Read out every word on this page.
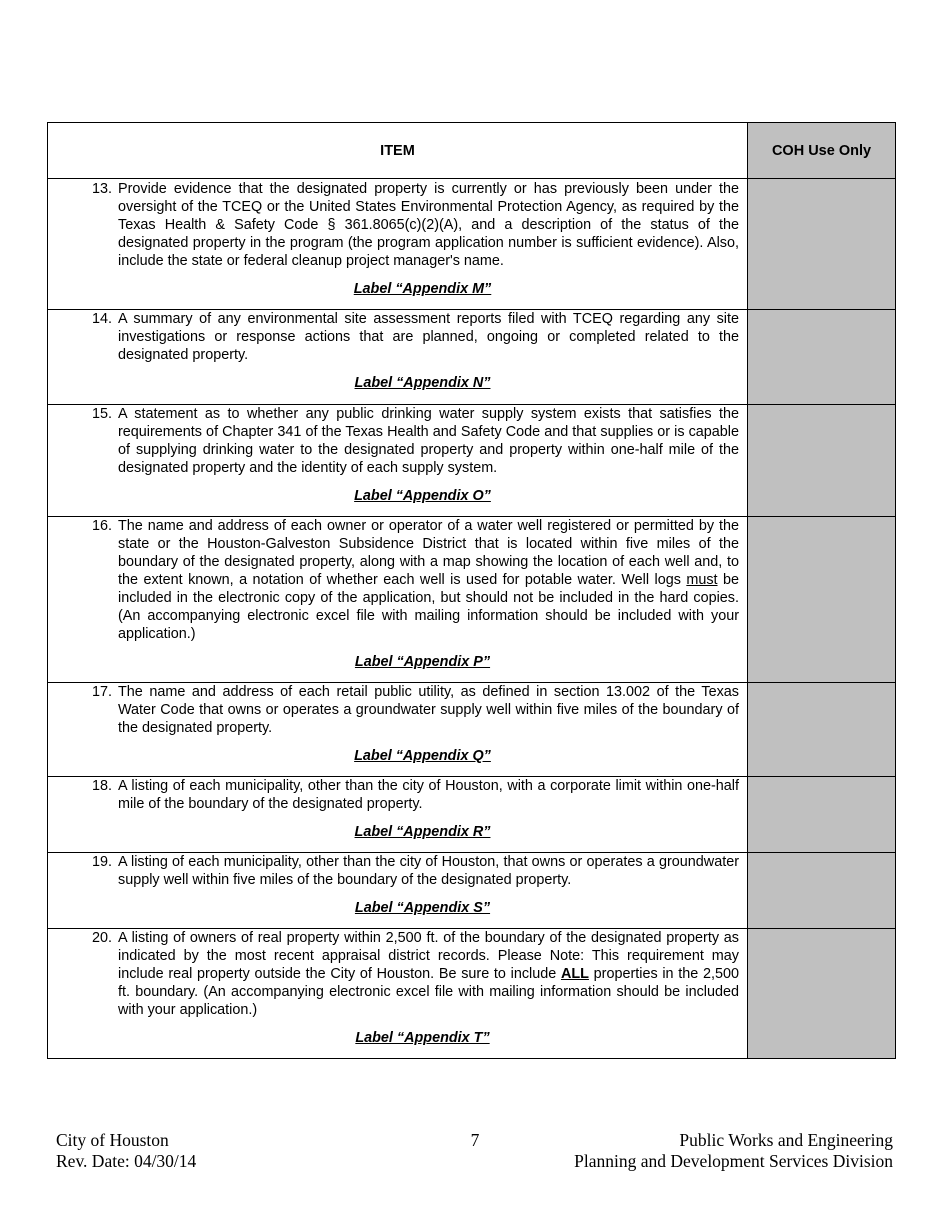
ITEM	COH Use Only

13. Provide evidence that the designated property is currently or has previously been under the oversight of the TCEQ or the United States Environmental Protection Agency, as required by the Texas Health & Safety Code § 361.8065(c)(2)(A), and a description of the status of the designated property in the program (the program application number is sufficient evidence). Also, include the state or federal cleanup project manager's name.
Label “Appendix M”	

14. A summary of any environmental site assessment reports filed with TCEQ regarding any site investigations or response actions that are planned, ongoing or completed related to the designated property.
Label “Appendix N”	

15. A statement as to whether any public drinking water supply system exists that satisfies the requirements of Chapter 341 of the Texas Health and Safety Code and that supplies or is capable of supplying drinking water to the designated property and property within one-half mile of the designated property and the identity of each supply system.
Label “Appendix O”	

16. The name and address of each owner or operator of a water well registered or permitted by the state or the Houston-Galveston Subsidence District that is located within five miles of the boundary of the designated property, along with a map showing the location of each well and, to the extent known, a notation of whether each well is used for potable water. Well logs must be included in the electronic copy of the application, but should not be included in the hard copies. (An accompanying electronic excel file with mailing information should be included with your application.)
Label “Appendix P”	

17. The name and address of each retail public utility, as defined in section 13.002 of the Texas Water Code that owns or operates a groundwater supply well within five miles of the boundary of the designated property.
Label “Appendix Q”	

18. A listing of each municipality, other than the city of Houston, with a corporate limit within one-half mile of the boundary of the designated property.
Label “Appendix R”	

19. A listing of each municipality, other than the city of Houston, that owns or operates a groundwater supply well within five miles of the boundary of the designated property.
Label “Appendix S”	

20. A listing of owners of real property within 2,500 ft. of the boundary of the designated property as indicated by the most recent appraisal district records. Please Note: This requirement may include real property outside the City of Houston. Be sure to include ALL properties in the 2,500 ft. boundary. (An accompanying electronic excel file with mailing information should be included with your application.)
Label “Appendix T”	

City of Houston
Rev. Date: 04/30/14
7	Public Works and Engineering
Planning and Development Services Division
